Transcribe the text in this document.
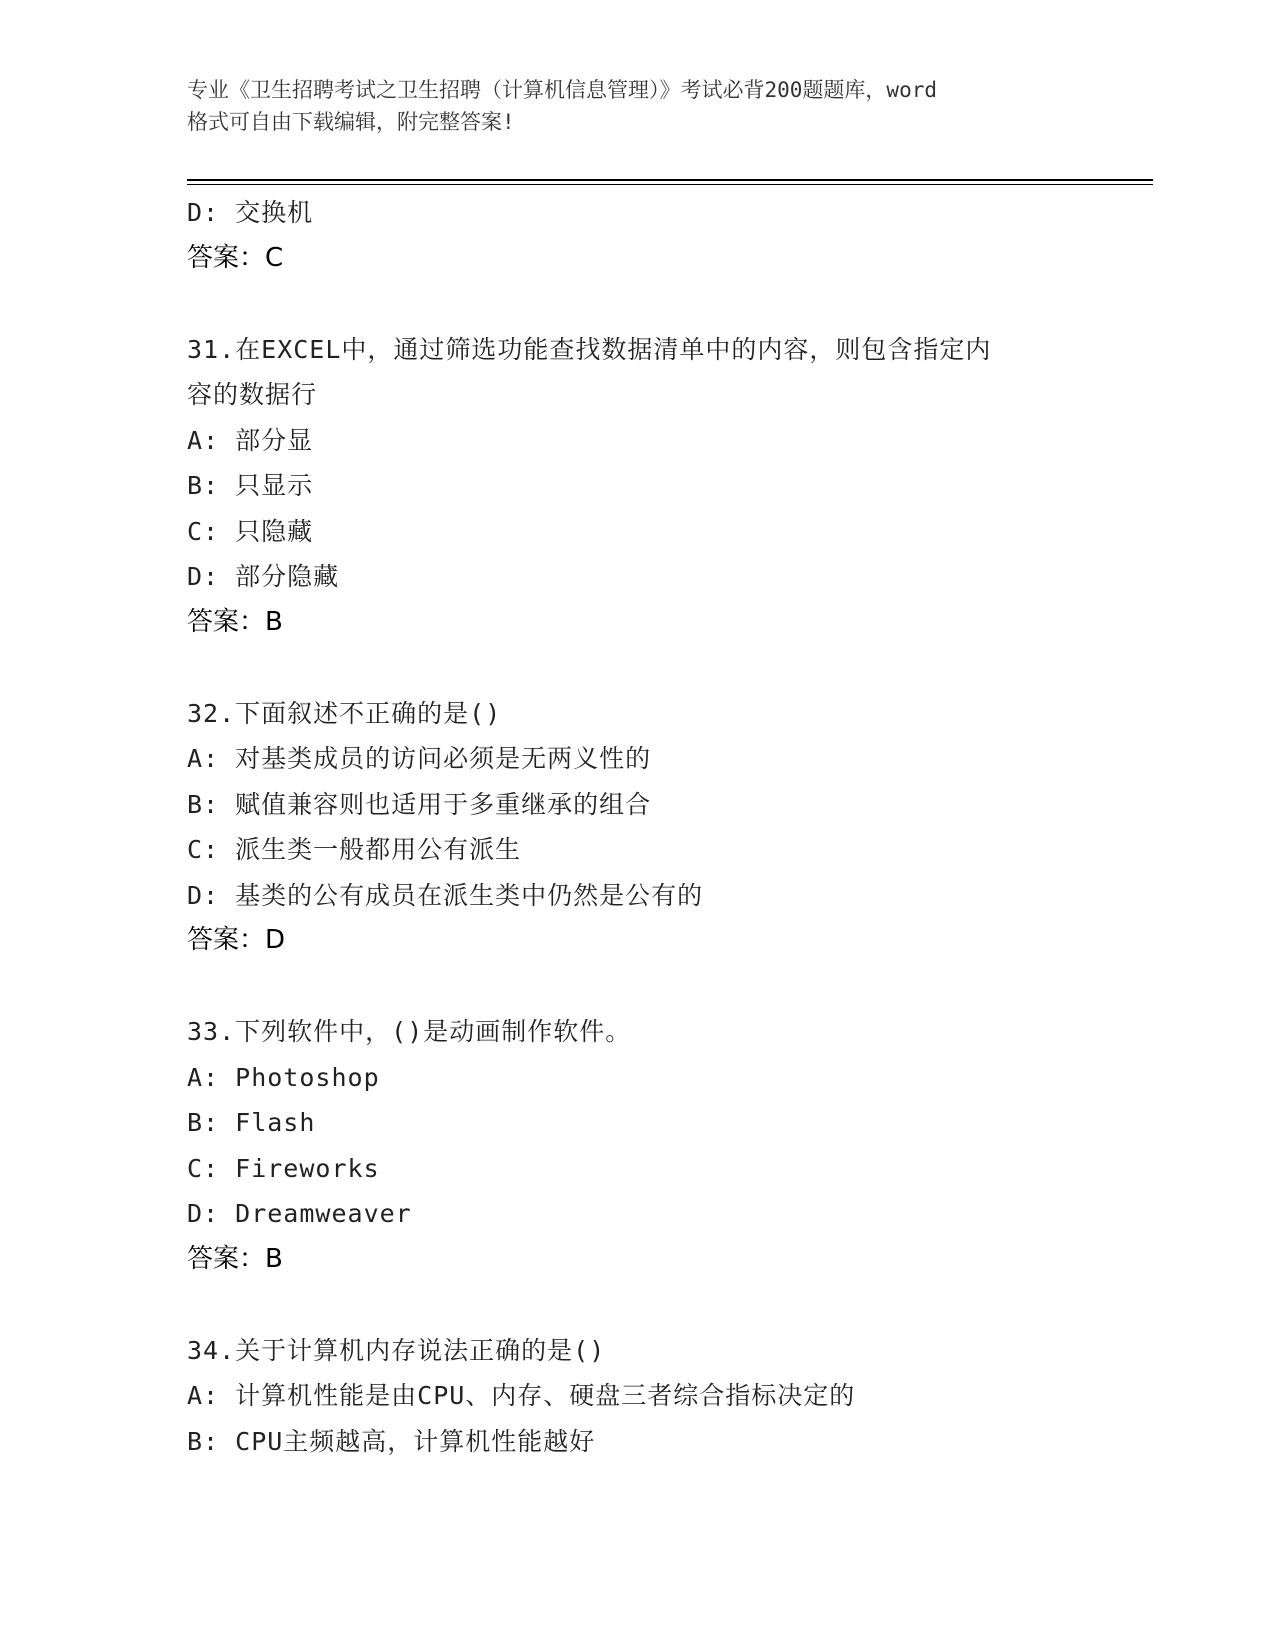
专业《卫生招聘考试之卫生招聘（计算机信息管理）》考试必背200题题库，word
格式可自由下载编辑，附完整答案!
D: 交换机
答案：C
31.在EXCEL中，通过筛选功能查找数据清单中的内容，则包含指定内
容的数据行
A: 部分显
B: 只显示
C: 只隐藏
D: 部分隐藏
答案：B
32.下面叙述不正确的是()
A: 对基类成员的访问必须是无两义性的
B: 赋值兼容则也适用于多重继承的组合
C: 派生类一般都用公有派生
D: 基类的公有成员在派生类中仍然是公有的
答案：D
33.下列软件中，()是动画制作软件。
A: Photoshop
B: Flash
C: Fireworks
D: Dreamweaver
答案：B
34.关于计算机内存说法正确的是()
A: 计算机性能是由CPU、内存、硬盘三者综合指标决定的
B: CPU主频越高，计算机性能越好
